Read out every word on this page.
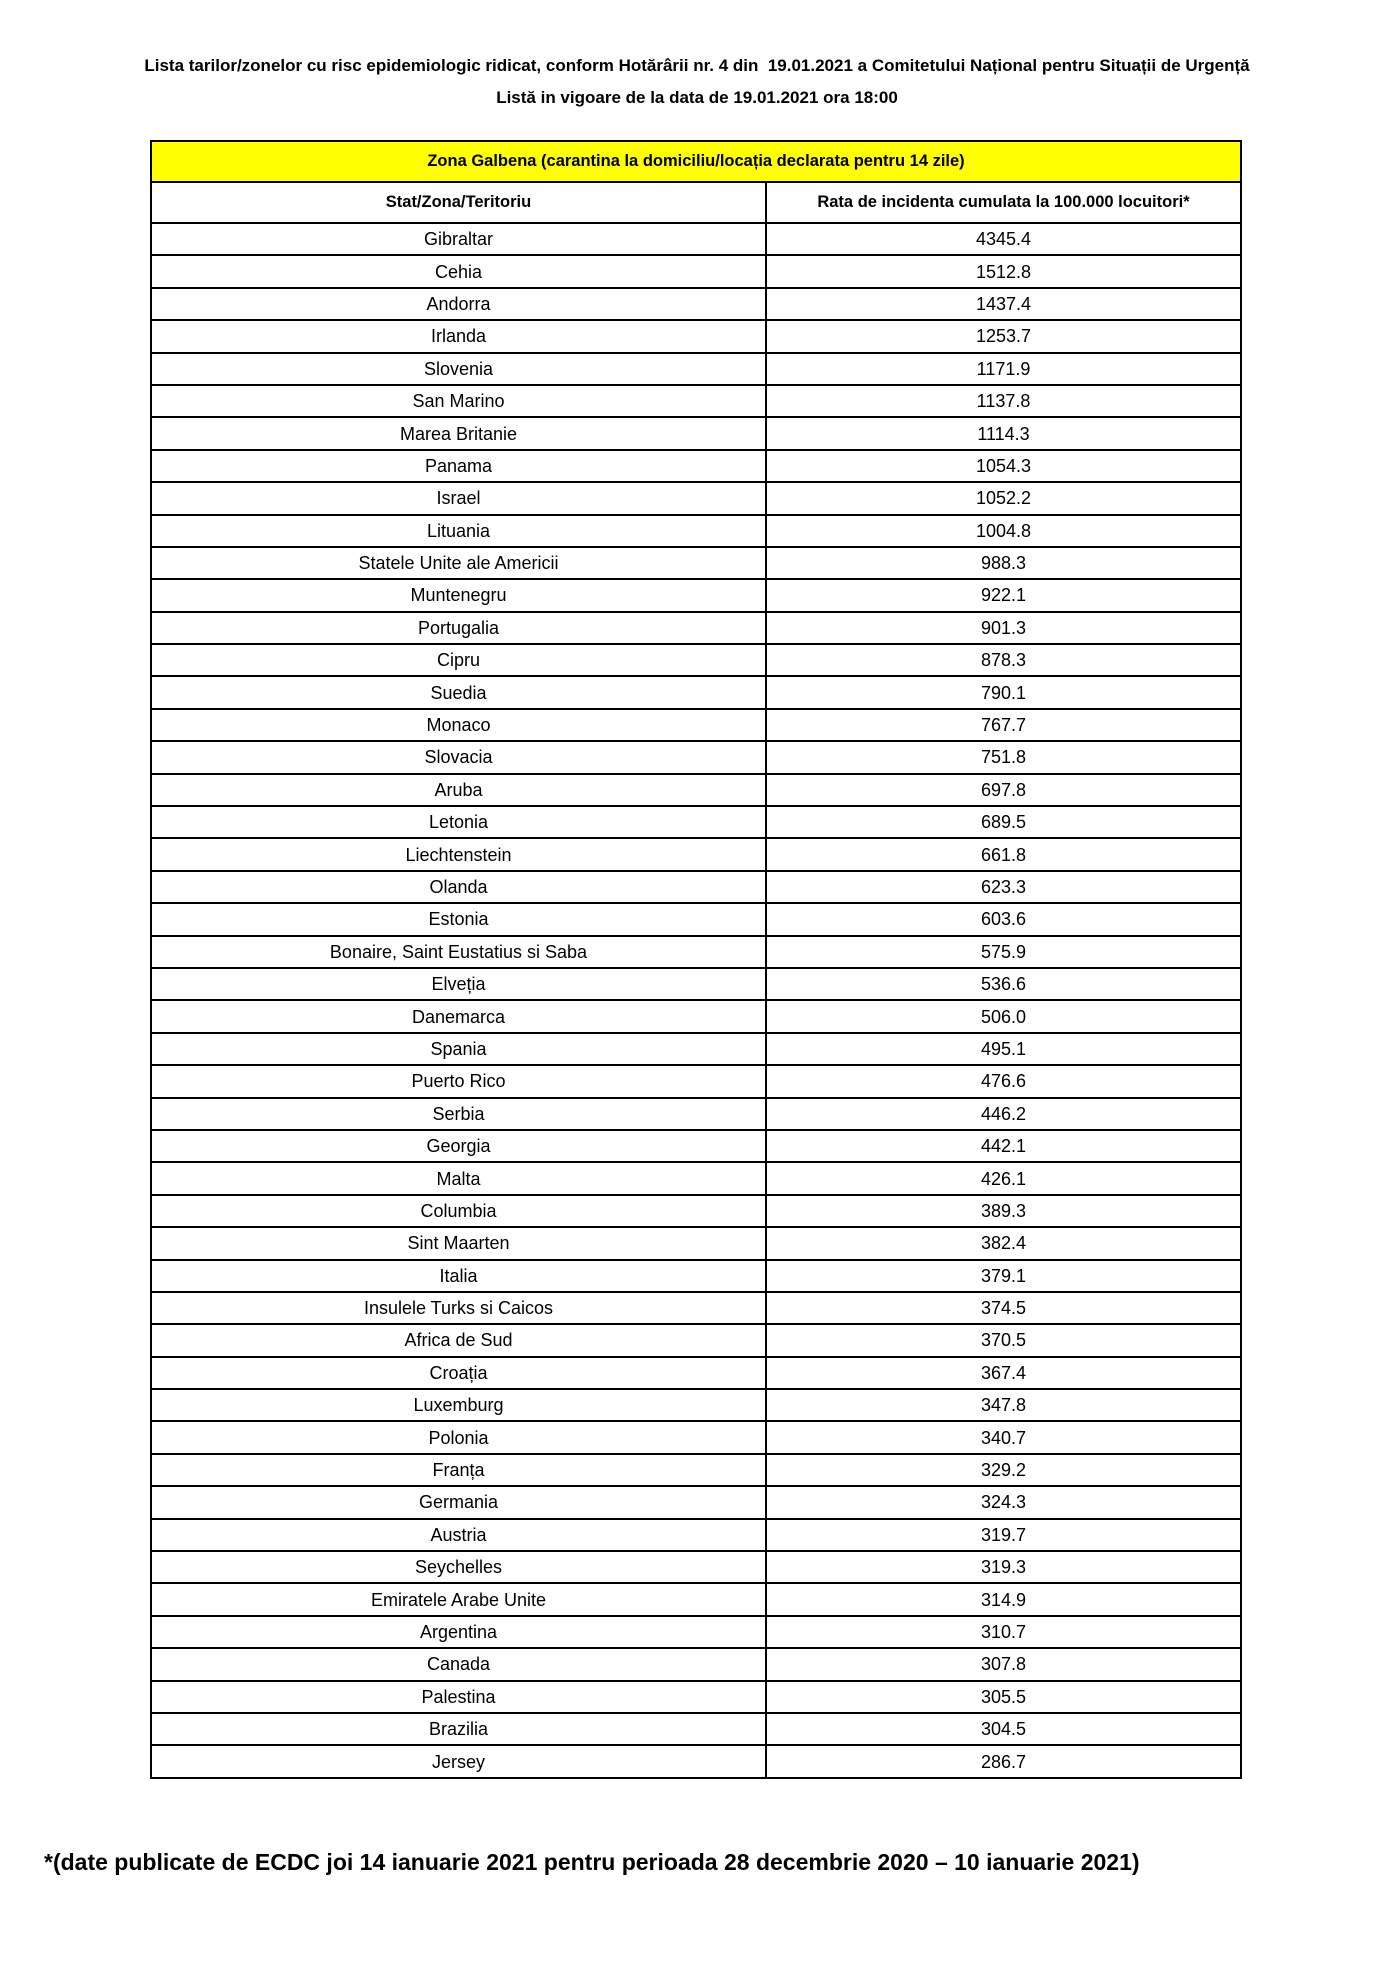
Lista tarilor/zonelor cu risc epidemiologic ridicat, conform Hotărârii nr. 4 din  19.01.2021 a Comitetului Național pentru Situații de Urgență
Listă in vigoare de la data de 19.01.2021 ora 18:00
Zona Galbena (carantina la domiciliu/locația declarata pentru 14 zile)	
Stat/Zona/Teritoriu	Rata de incidenta cumulata la 100.000 locuitori*
Gibraltar	4345.4
Cehia	1512.8
Andorra	1437.4
Irlanda	1253.7
Slovenia	1171.9
San Marino	1137.8
Marea Britanie	1114.3
Panama	1054.3
Israel	1052.2
Lituania	1004.8
Statele Unite ale Americii	988.3
Muntenegru	922.1
Portugalia	901.3
Cipru	878.3
Suedia	790.1
Monaco	767.7
Slovacia	751.8
Aruba	697.8
Letonia	689.5
Liechtenstein	661.8
Olanda	623.3
Estonia	603.6
Bonaire, Saint Eustatius si Saba	575.9
Elveția	536.6
Danemarca	506.0
Spania	495.1
Puerto Rico	476.6
Serbia	446.2
Georgia	442.1
Malta	426.1
Columbia	389.3
Sint Maarten	382.4
Italia	379.1
Insulele Turks si Caicos	374.5
Africa de Sud	370.5
Croația	367.4
Luxemburg	347.8
Polonia	340.7
Franța	329.2
Germania	324.3
Austria	319.7
Seychelles	319.3
Emiratele Arabe Unite	314.9
Argentina	310.7
Canada	307.8
Palestina	305.5
Brazilia	304.5
Jersey	286.7
*(date publicate de ECDC joi 14 ianuarie 2021 pentru perioada 28 decembrie 2020 – 10 ianuarie 2021)
